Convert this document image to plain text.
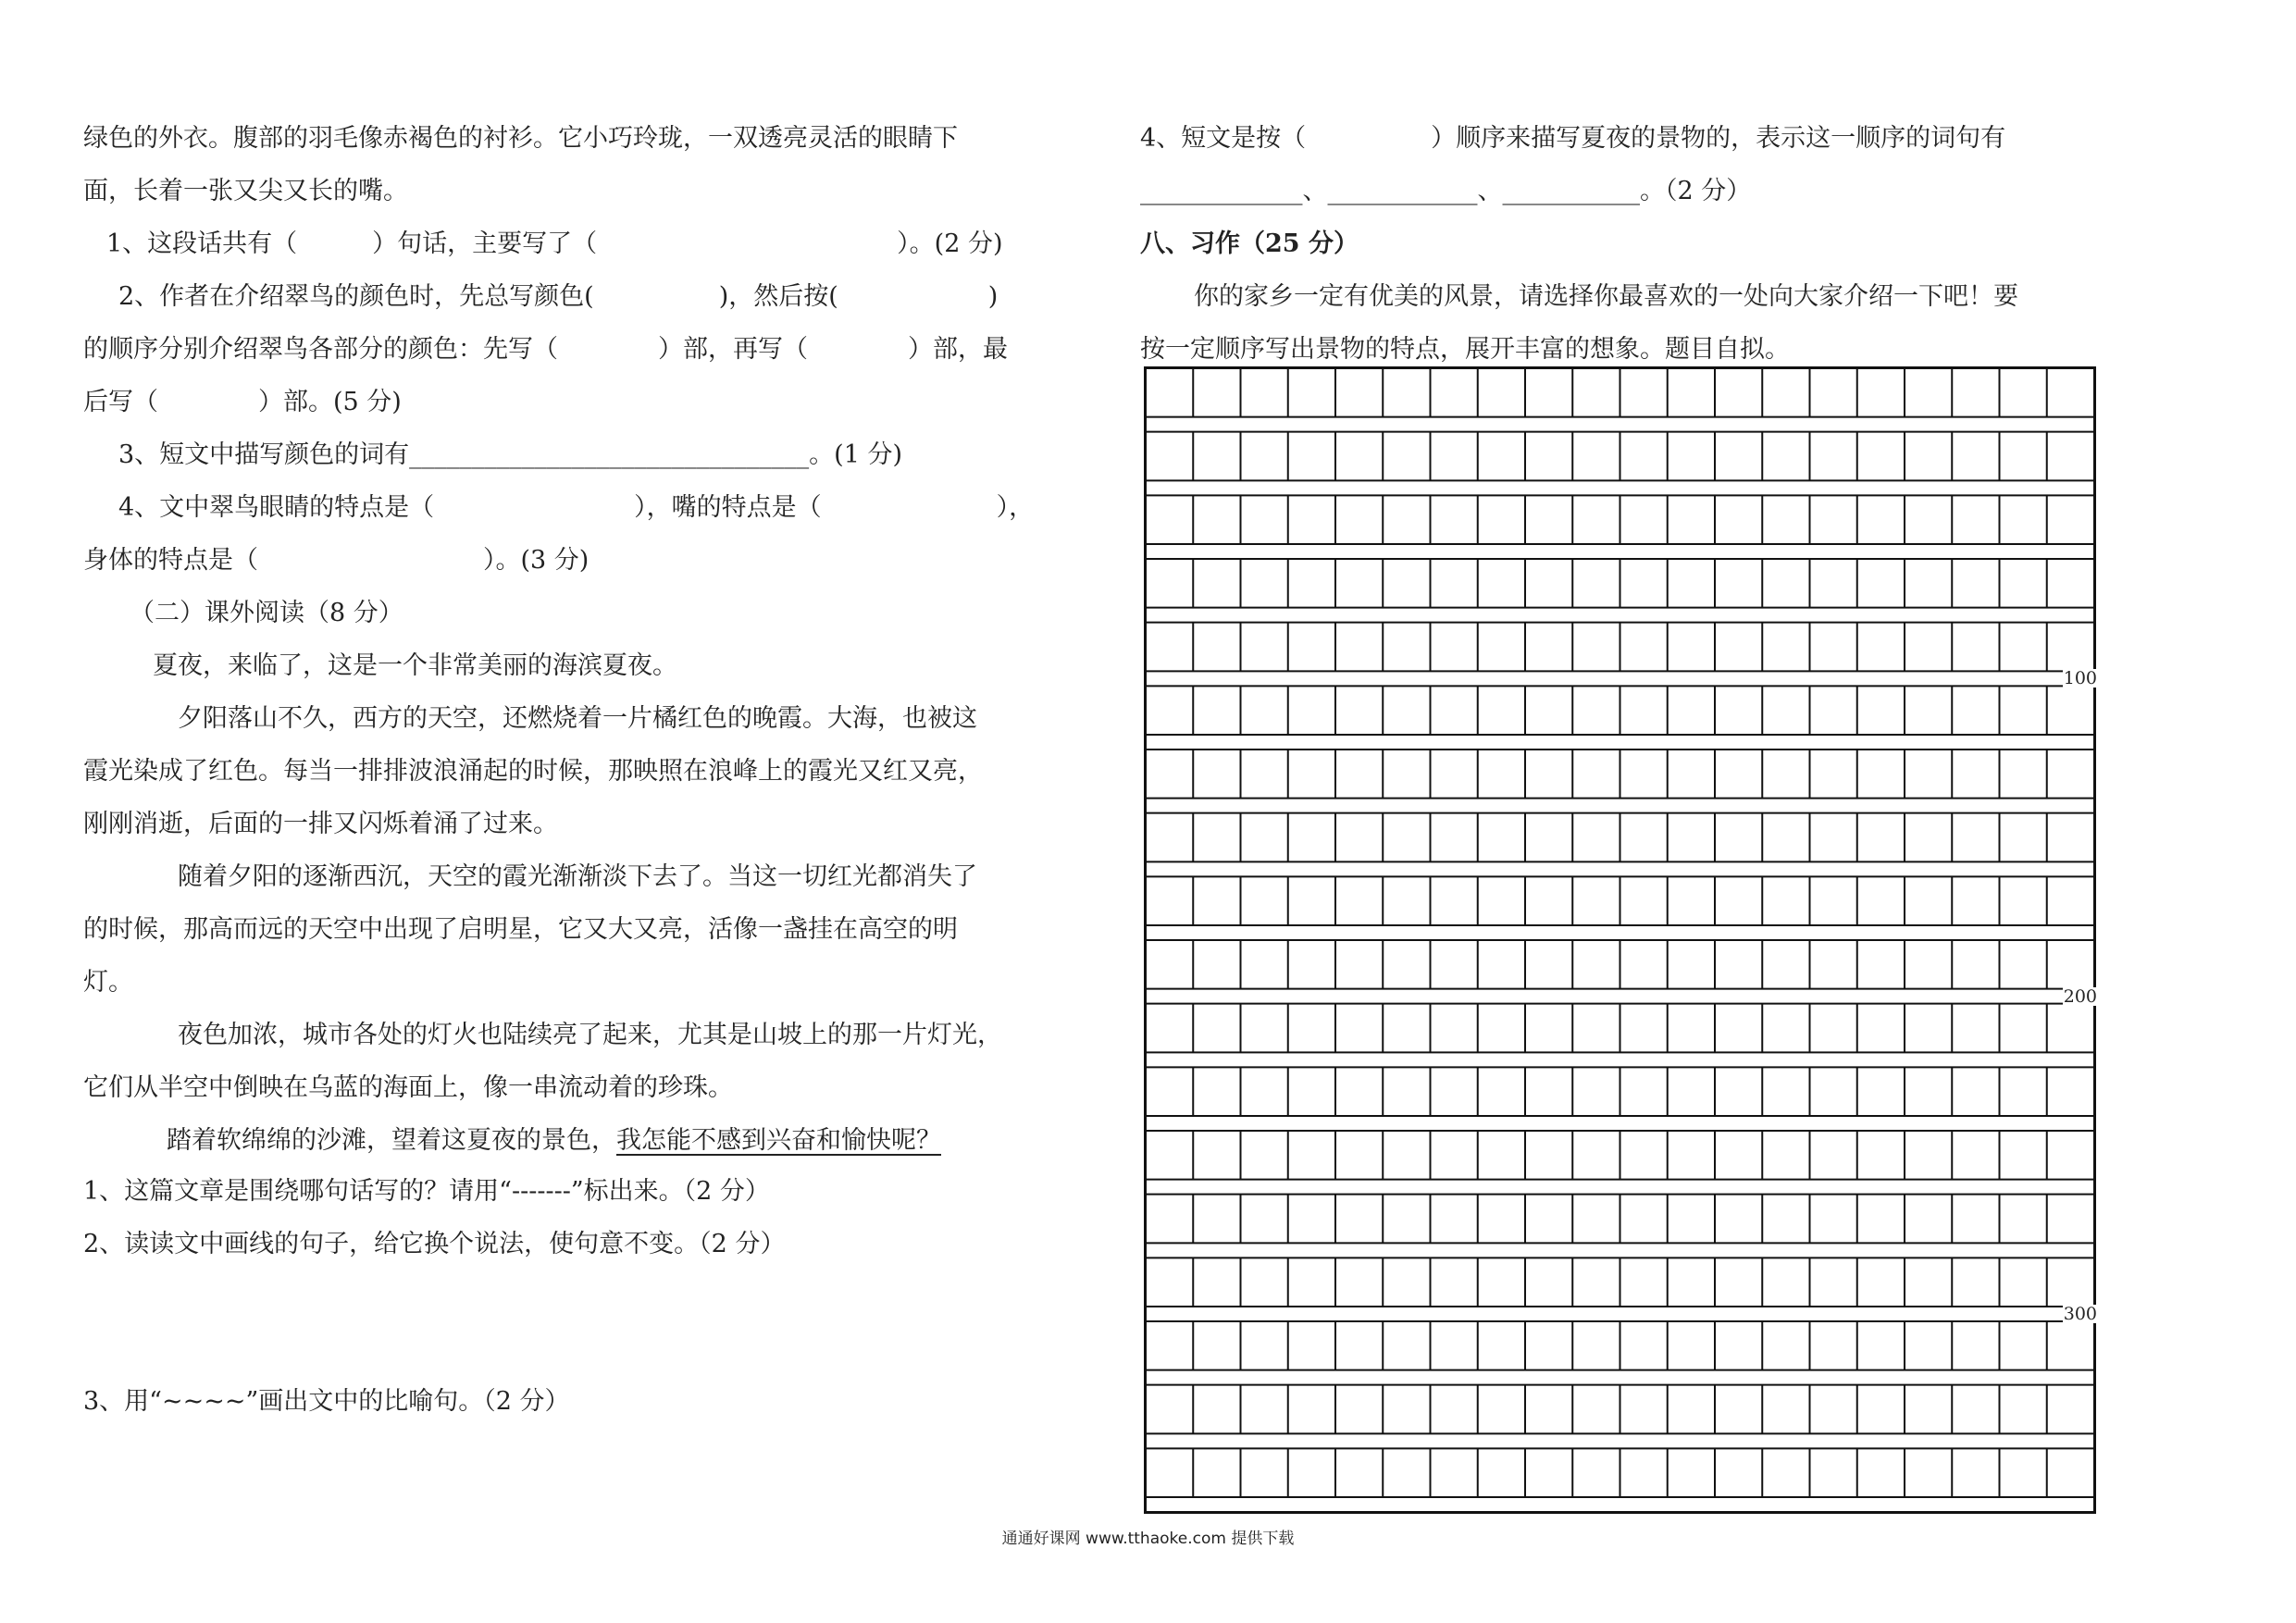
绿色的外衣。腹部的羽毛像赤褐色的衬衫。它小巧玲珑，一双透亮灵活的眼睛下
面，长着一张又尖又长的嘴。
1、这段话共有（　　　）句话，主要写了（　　　　　　　　　　　　）。(2 分)
2、作者在介绍翠鸟的颜色时，先总写颜色(　　　　　)，然后按(　　　　　　)
的顺序分别介绍翠鸟各部分的颜色：先写（　　　　）部，再写（　　　　）部，最
后写（　　　　）部。(5 分)
3、短文中描写颜色的词有________________________________。(1 分)
4、文中翠鸟眼睛的特点是（　　　　　　　　），嘴的特点是（　　　　　　　），
身体的特点是（　　　　　　　　　）。(3 分)
（二）课外阅读（8 分）
夏夜，来临了，这是一个非常美丽的海滨夏夜。
夕阳落山不久，西方的天空，还燃烧着一片橘红色的晚霞。大海，也被这
霞光染成了红色。每当一排排波浪涌起的时候，那映照在浪峰上的霞光又红又亮，
刚刚消逝，后面的一排又闪烁着涌了过来。
随着夕阳的逐渐西沉，天空的霞光渐渐淡下去了。当这一切红光都消失了
的时候，那高而远的天空中出现了启明星，它又大又亮，活像一盏挂在高空的明
灯。
夜色加浓，城市各处的灯火也陆续亮了起来，尤其是山坡上的那一片灯光，
它们从半空中倒映在乌蓝的海面上，像一串流动着的珍珠。
踏着软绵绵的沙滩，望着这夏夜的景色，我怎能不感到兴奋和愉快呢？
1、这篇文章是围绕哪句话写的？请用“-------”标出来。（2 分）
2、读读文中画线的句子，给它换个说法，使句意不变。（2 分）
3、用“~~~~”画出文中的比喻句。（2 分）
4、短文是按（　　　　　）顺序来描写夏夜的景物的，表示这一顺序的词句有
_____________、____________、___________。（2 分）
八、习作（25 分）
你的家乡一定有优美的风景，请选择你最喜欢的一处向大家介绍一下吧！要
按一定顺序写出景物的特点，展开丰富的想象。题目自拟。
100
200
300
通通好课网 www.tthaoke.com 提供下载
